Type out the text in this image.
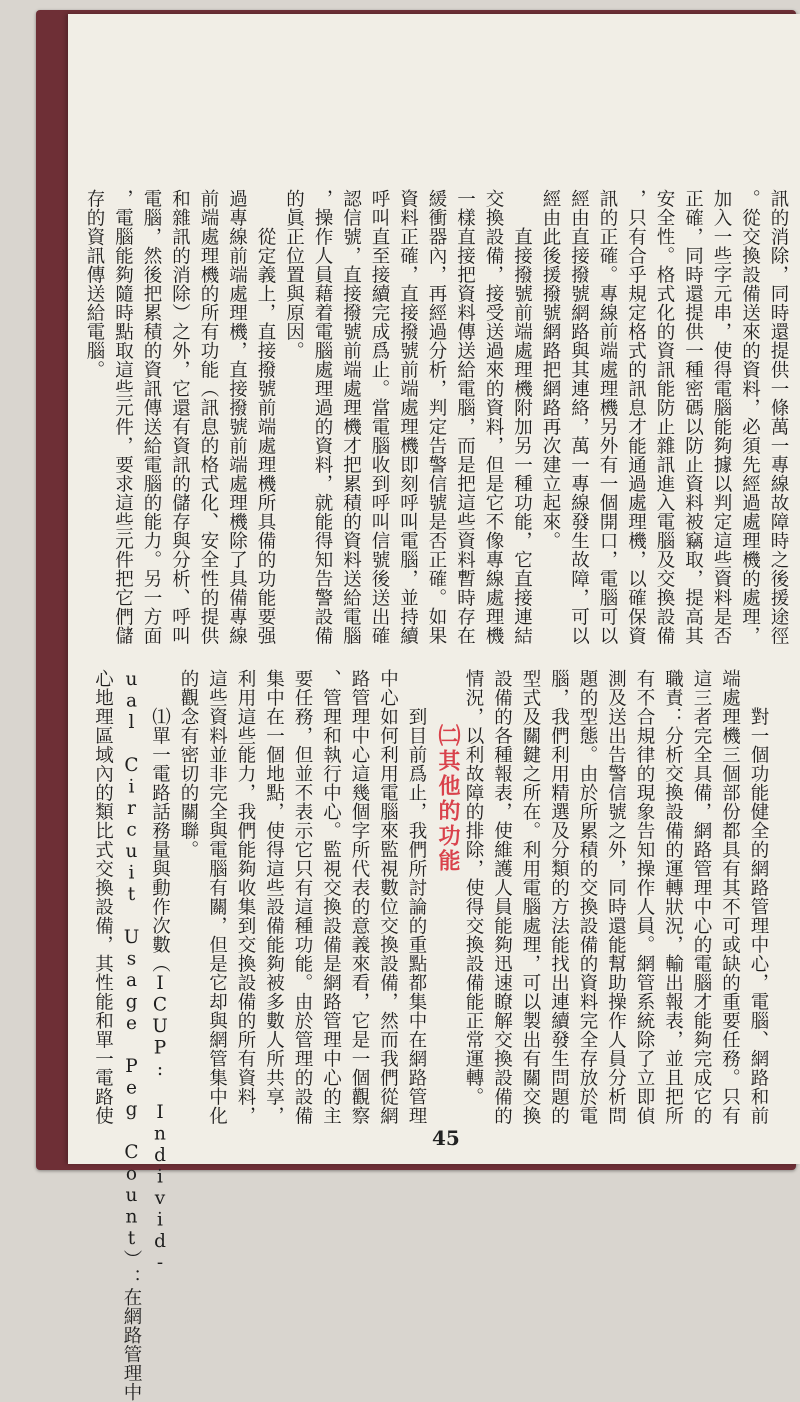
訊的消除，同時還提供一條萬一專線故障時之後援途徑
。從交換設備送來的資料，必須先經過處理機的處理，
加入一些字元串，使得電腦能夠據以判定這些資料是否
正確，同時還提供一種密碼以防止資料被竊取，提高其
安全性。格式化的資訊能防止雜訊進入電腦及交換設備
，只有合乎規定格式的訊息才能通過處理機，以確保資
訊的正確。專線前端處理機另外有一個開口，電腦可以
經由直接撥號網路與其連絡，萬一專線發生故障，可以
經由此後援撥號網路把網路再次建立起來。
　　直接撥號前端處理機附加另一種功能，它直接連結
交換設備，接受送過來的資料，但是它不像專線處理機
一樣直接把資料傳送給電腦，而是把這些資料暫時存在
緩衝器內，再經過分析，判定告警信號是否正確。如果
資料正確，直接撥號前端處理機即刻呼叫電腦，並持續
呼叫直至接續完成爲止。當電腦收到呼叫信號後送出確
認信號，直接撥號前端處理機才把累積的資料送給電腦
，操作人員藉着電腦處理過的資料，就能得知告警設備
的眞正位置與原因。
　　從定義上，直接撥號前端處理機所具備的功能要强
過專線前端處理機，直接撥號前端處理機除了具備專線
前端處理機的所有功能（訊息的格式化、安全性的提供
和雜訊的消除）之外，它還有資訊的儲存與分析、呼叫
電腦，然後把累積的資訊傳送給電腦的能力。另一方面
，電腦能夠隨時點取這些元件，要求這些元件把它們儲
存的資訊傳送給電腦。
　　對一個功能健全的網路管理中心，電腦、網路和前
端處理機三個部份都具有其不可或缺的重要任務。只有
這三者完全具備，網路管理中心的電腦才能夠完成它的
職責：分析交換設備的運轉狀況，輸出報表，並且把所
有不合規律的現象告知操作人員。網管系統除了立即偵
測及送出告警信號之外，同時還能幫助操作人員分析問
題的型態。由於所累積的交換設備的資料完全存放於電
腦，我們利用精選及分類的方法能找出連續發生問題的
型式及關鍵之所在。利用電腦處理，可以製出有關交換
設備的各種報表，使維護人員能夠迅速瞭解交換設備的
情況，以利故障的排除，使得交換設備能正常運轉。
㈡其他的功能
　　到目前爲止，我們所討論的重點都集中在網路管理
中心如何利用電腦來監視數位交換設備，然而我們從網
路管理中心這幾個字所代表的意義來看，它是一個觀察
、管理和執行中心。監視交換設備是網路管理中心的主
要任務，但並不表示它只有這種功能。由於管理的設備
集中在一個地點，使得這些設備能夠被多數人所共享，
利用這些能力，我們能夠收集到交換設備的所有資料，
這些資料並非完全與電腦有關，但是它却與網管集中化
的觀念有密切的關聯。
　　⑴單一電路話務量與動作次數（ICUP: Individ-
ual Circuit Usage Peg Count）：在網路管理中
心地理區域內的類比式交換設備，其性能和單一電路使
45
